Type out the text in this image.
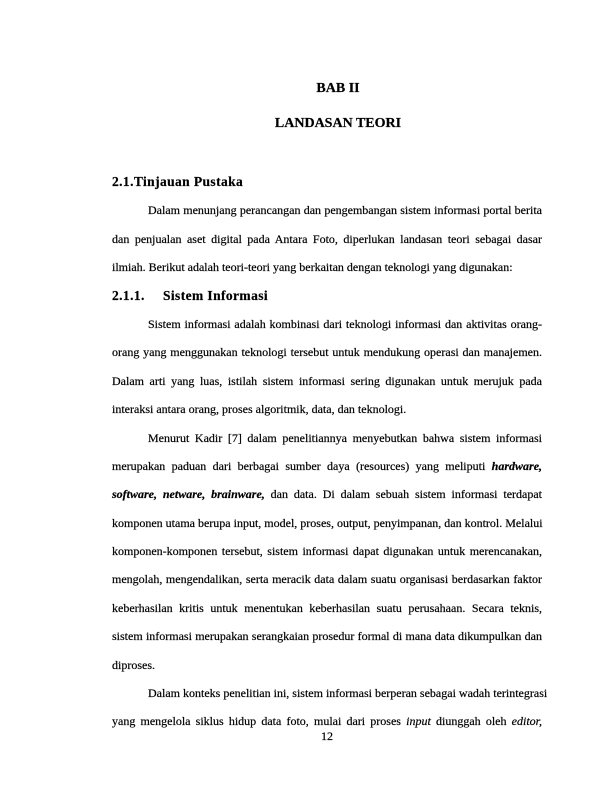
BAB II
LANDASAN TEORI
2.1.Tinjauan Pustaka
Dalam menunjang perancangan dan pengembangan sistem informasi portal berita
dan penjualan aset digital pada Antara Foto, diperlukan landasan teori sebagai dasar
ilmiah. Berikut adalah teori-teori yang berkaitan dengan teknologi yang digunakan:
2.1.1. Sistem Informasi
Sistem informasi adalah kombinasi dari teknologi informasi dan aktivitas orang-
orang yang menggunakan teknologi tersebut untuk mendukung operasi dan manajemen.
Dalam arti yang luas, istilah sistem informasi sering digunakan untuk merujuk pada
interaksi antara orang, proses algoritmik, data, dan teknologi.
Menurut Kadir [7] dalam penelitiannya menyebutkan bahwa sistem informasi
merupakan paduan dari berbagai sumber daya (resources) yang meliputi hardware,
software, netware, brainware, dan data. Di dalam sebuah sistem informasi terdapat
komponen utama berupa input, model, proses, output, penyimpanan, dan kontrol. Melalui
komponen-komponen tersebut, sistem informasi dapat digunakan untuk merencanakan,
mengolah, mengendalikan, serta meracik data dalam suatu organisasi berdasarkan faktor
keberhasilan kritis untuk menentukan keberhasilan suatu perusahaan. Secara teknis,
sistem informasi merupakan serangkaian prosedur formal di mana data dikumpulkan dan
diproses.
Dalam konteks penelitian ini, sistem informasi berperan sebagai wadah terintegrasi
yang mengelola siklus hidup data foto, mulai dari proses input diunggah oleh editor,
12
